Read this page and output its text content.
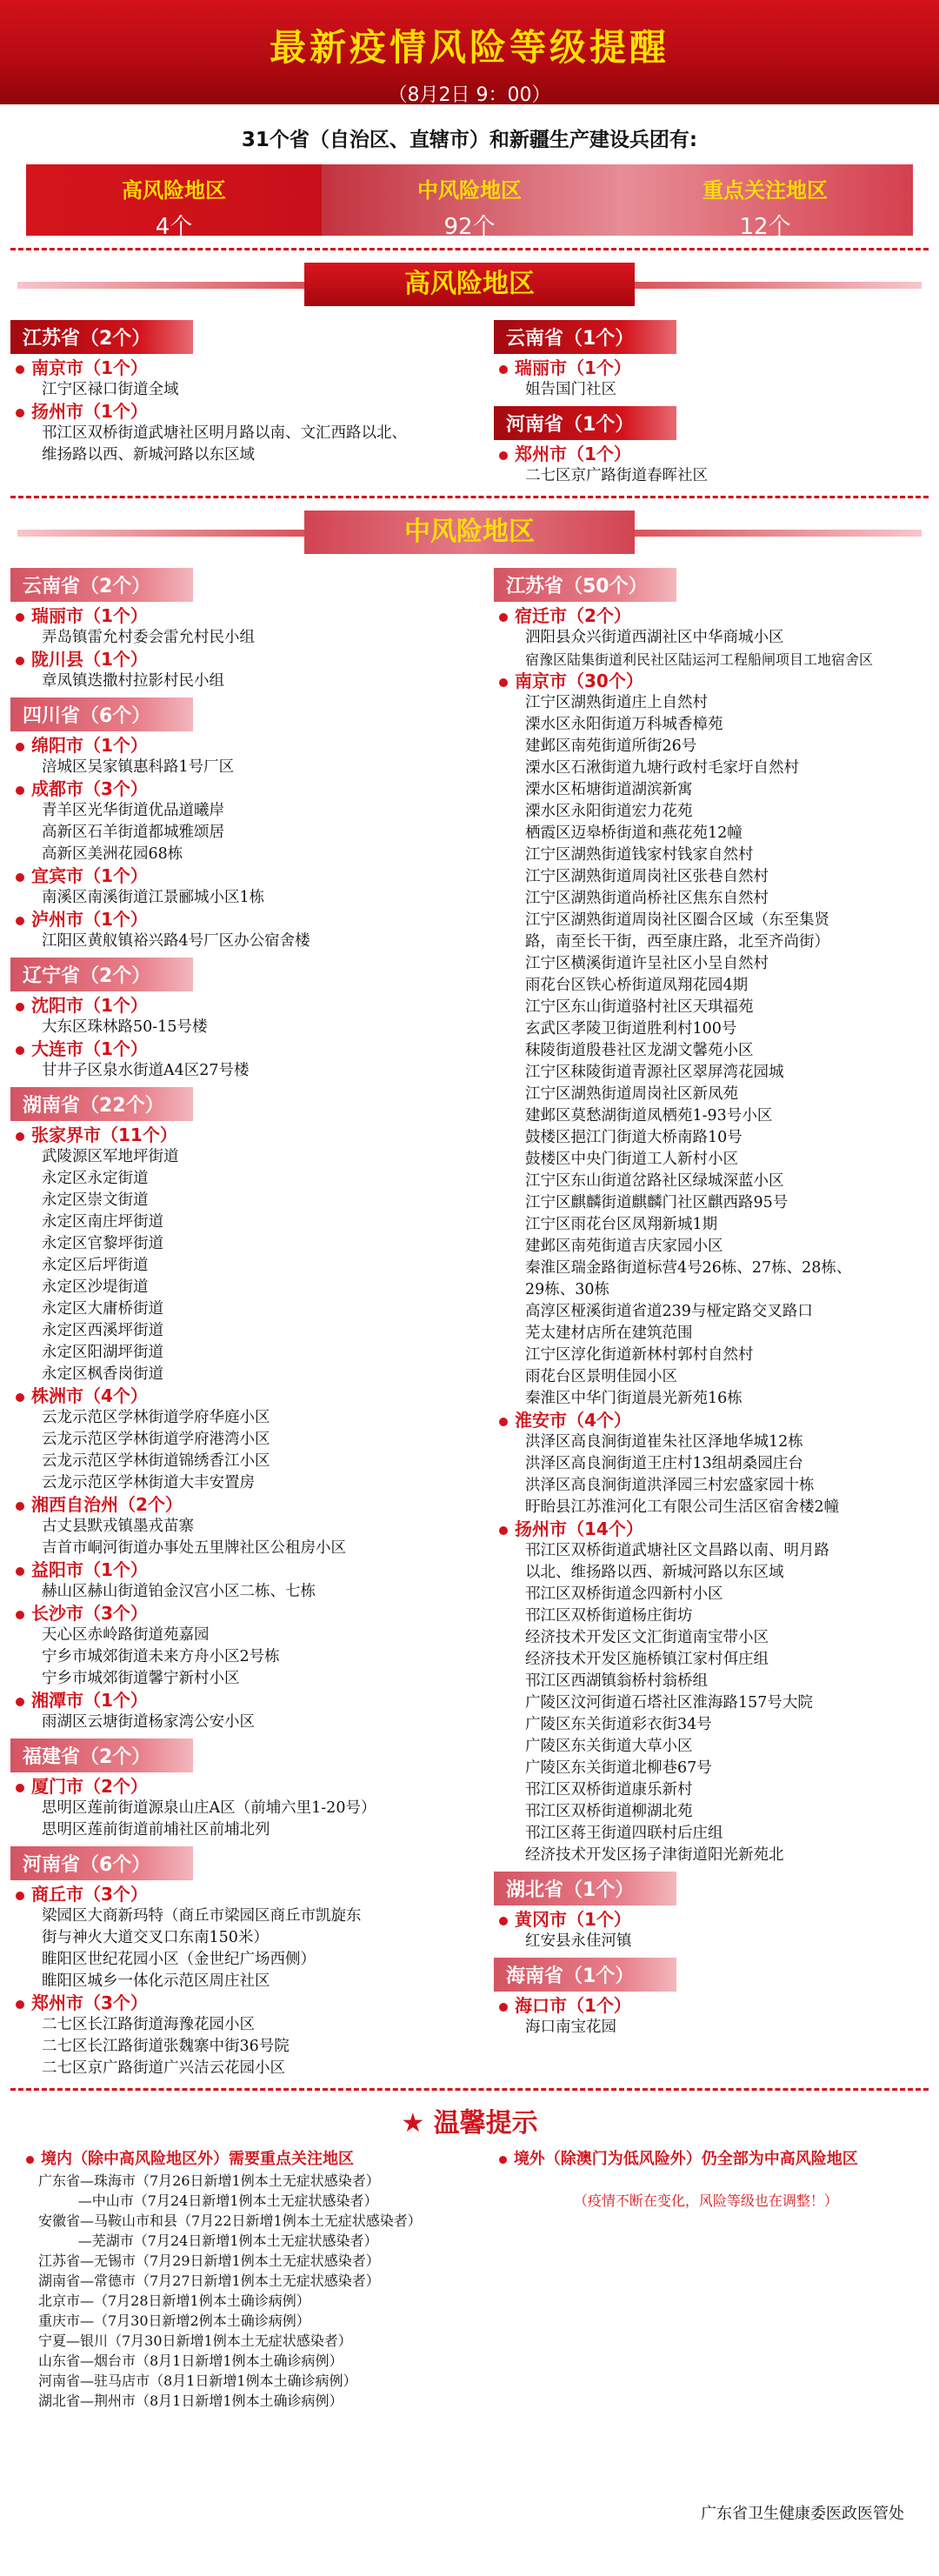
最新疫情风险等级提醒
（8月2日 9：00）
31个省（自治区、直辖市）和新疆生产建设兵团有:
高风险地区
4个
中风险地区
92个
重点关注地区
12个
高风险地区
江苏省（2个）
南京市（1个）
江宁区禄口街道全域
扬州市（1个）
邗江区双桥街道武塘社区明月路以南、文汇西路以北、
维扬路以西、新城河路以东区域
云南省（1个）
瑞丽市（1个）
姐告国门社区
河南省（1个）
郑州市（1个）
二七区京广路街道春晖社区
中风险地区
云南省（2个）
瑞丽市（1个）
弄岛镇雷允村委会雷允村民小组
陇川县（1个）
章凤镇迭撒村拉影村民小组
四川省（6个）
绵阳市（1个）
涪城区吴家镇惠科路1号厂区
成都市（3个）
青羊区光华街道优品道曦岸
高新区石羊街道都城雅颂居
高新区美洲花园68栋
宜宾市（1个）
南溪区南溪街道江景郦城小区1栋
泸州市（1个）
江阳区黄舣镇裕兴路4号厂区办公宿舍楼
辽宁省（2个）
沈阳市（1个）
大东区珠林路50-15号楼
大连市（1个）
甘井子区泉水街道A4区27号楼
湖南省（22个）
张家界市（11个）
武陵源区军地坪街道
永定区永定街道
永定区崇文街道
永定区南庄坪街道
永定区官黎坪街道
永定区后坪街道
永定区沙堤街道
永定区大庸桥街道
永定区西溪坪街道
永定区阳湖坪街道
永定区枫香岗街道
株洲市（4个）
云龙示范区学林街道学府华庭小区
云龙示范区学林街道学府港湾小区
云龙示范区学林街道锦绣香江小区
云龙示范区学林街道大丰安置房
湘西自治州（2个）
古丈县默戎镇墨戎苗寨
吉首市峒河街道办事处五里牌社区公租房小区
益阳市（1个）
赫山区赫山街道铂金汉宫小区二栋、七栋
长沙市（3个）
天心区赤岭路街道苑嘉园
宁乡市城郊街道未来方舟小区2号栋
宁乡市城郊街道馨宁新村小区
湘潭市（1个）
雨湖区云塘街道杨家湾公安小区
福建省（2个）
厦门市（2个）
思明区莲前街道源泉山庄A区（前埔六里1-20号）
思明区莲前街道前埔社区前埔北列
河南省（6个）
商丘市（3个）
梁园区大商新玛特（商丘市梁园区商丘市凯旋东
街与神火大道交叉口东南150米）
睢阳区世纪花园小区（金世纪广场西侧）
睢阳区城乡一体化示范区周庄社区
郑州市（3个）
二七区长江路街道海豫花园小区
二七区长江路街道张魏寨中街36号院
二七区京广路街道广兴洁云花园小区
江苏省（50个）
宿迁市（2个）
泗阳县众兴街道西湖社区中华商城小区
宿豫区陆集街道利民社区陆运河工程船闸项目工地宿舍区
南京市（30个）
江宁区湖熟街道庄上自然村
溧水区永阳街道万科城香樟苑
建邺区南苑街道所街26号
溧水区石湫街道九塘行政村毛家圩自然村
溧水区柘塘街道湖滨新寓
溧水区永阳街道宏力花苑
栖霞区迈皋桥街道和燕花苑12幢
江宁区湖熟街道钱家村钱家自然村
江宁区湖熟街道周岗社区张巷自然村
江宁区湖熟街道尚桥社区焦东自然村
江宁区湖熟街道周岗社区圈合区域（东至集贤
路，南至长干街，西至康庄路，北至齐尚街）
江宁区横溪街道许呈社区小呈自然村
雨花台区铁心桥街道凤翔花园4期
江宁区东山街道骆村社区天琪福苑
玄武区孝陵卫街道胜利村100号
秣陵街道殷巷社区龙湖文馨苑小区
江宁区秣陵街道青源社区翠屏湾花园城
江宁区湖熟街道周岗社区新凤苑
建邺区莫愁湖街道凤栖苑1-93号小区
鼓楼区挹江门街道大桥南路10号
鼓楼区中央门街道工人新村小区
江宁区东山街道岔路社区绿城深蓝小区
江宁区麒麟街道麒麟门社区麒西路95号
江宁区雨花台区凤翔新城1期
建邺区南苑街道吉庆家园小区
秦淮区瑞金路街道标营4号26栋、27栋、28栋、
29栋、30栋
高淳区桠溪街道省道239与桠定路交叉路口
芜太建材店所在建筑范围
江宁区淳化街道新林村郭村自然村
雨花台区景明佳园小区
秦淮区中华门街道晨光新苑16栋
淮安市（4个）
洪泽区高良涧街道崔朱社区泽地华城12栋
洪泽区高良涧街道王庄村13组胡桑园庄台
洪泽区高良涧街道洪泽园三村宏盛家园十栋
盱眙县江苏淮河化工有限公司生活区宿舍楼2幢
扬州市（14个）
邗江区双桥街道武塘社区文昌路以南、明月路
以北、维扬路以西、新城河路以东区域
邗江区双桥街道念四新村小区
邗江区双桥街道杨庄街坊
经济技术开发区文汇街道南宝带小区
经济技术开发区施桥镇江家村佴庄组
邗江区西湖镇翁桥村翁桥组
广陵区汶河街道石塔社区淮海路157号大院
广陵区东关街道彩衣街34号
广陵区东关街道大草小区
广陵区东关街道北柳巷67号
邗江区双桥街道康乐新村
邗江区双桥街道柳湖北苑
邗江区蒋王街道四联村后庄组
经济技术开发区扬子津街道阳光新苑北
湖北省（1个）
黄冈市（1个）
红安县永佳河镇
海南省（1个）
海口市（1个）
海口南宝花园
★ 温馨提示
境内（除中高风险地区外）需要重点关注地区
广东省—珠海市（7月26日新增1例本土无症状感染者）
—中山市（7月24日新增1例本土无症状感染者）
安徽省—马鞍山市和县（7月22日新增1例本土无症状感染者）
—芜湖市（7月24日新增1例本土无症状感染者）
江苏省—无锡市（7月29日新增1例本土无症状感染者）
湖南省—常德市（7月27日新增1例本土无症状感染者）
北京市—（7月28日新增1例本土确诊病例）
重庆市—（7月30日新增2例本土确诊病例）
宁夏—银川（7月30日新增1例本土无症状感染者）
山东省—烟台市（8月1日新增1例本土确诊病例）
河南省—驻马店市（8月1日新增1例本土确诊病例）
湖北省—荆州市（8月1日新增1例本土确诊病例）
境外（除澳门为低风险外）仍全部为中高风险地区
（疫情不断在变化，风险等级也在调整！）
广东省卫生健康委医政医管处
